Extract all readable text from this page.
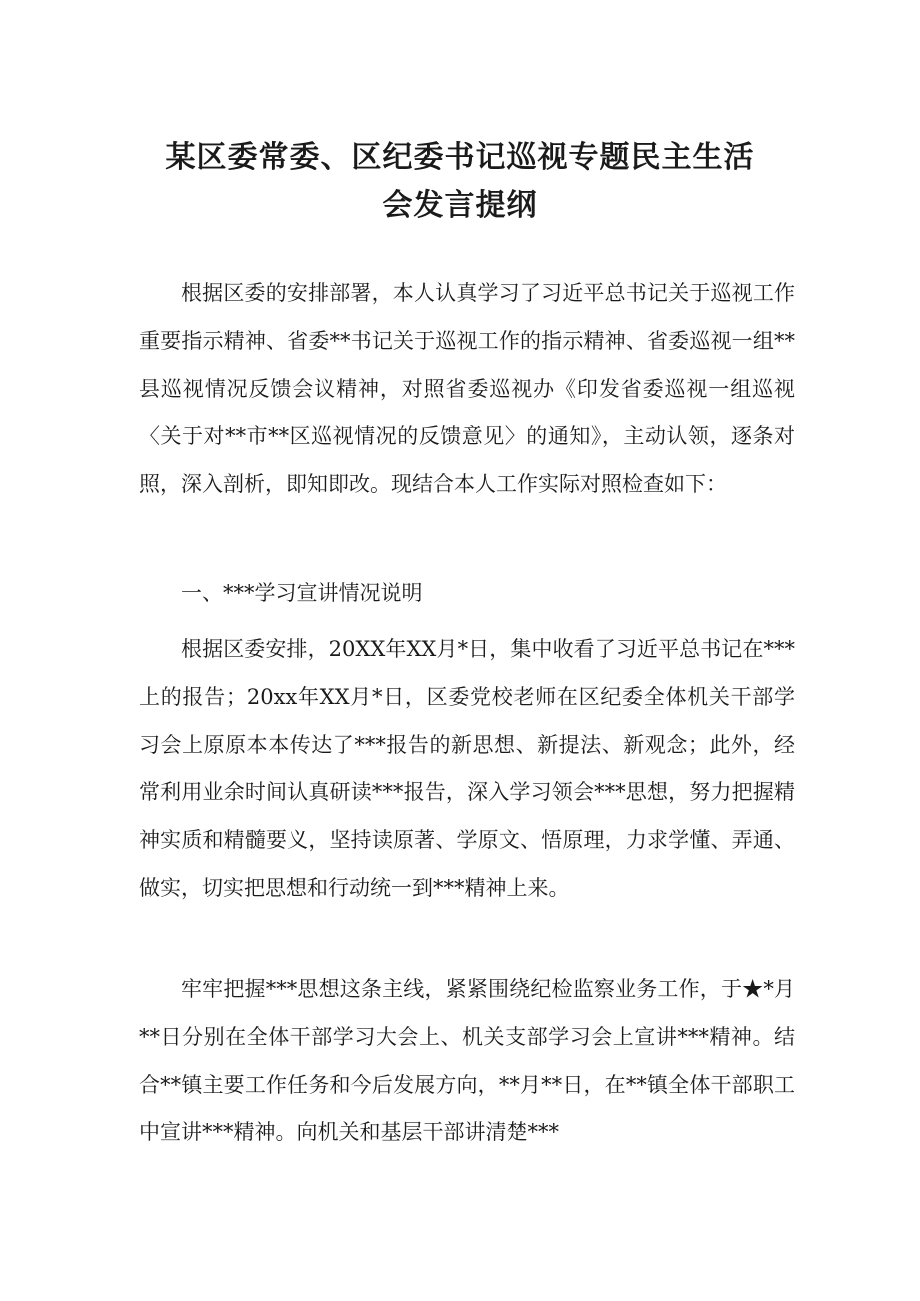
某区委常委、区纪委书记巡视专题民主生活
会发言提纲

根据区委的安排部署，本人认真学习了习近平总书记关于巡视工作重要指示精神、省委**书记关于巡视工作的指示精神、省委巡视一组**县巡视情况反馈会议精神，对照省委巡视办《印发省委巡视一组巡视〈关于对**市**区巡视情况的反馈意见〉的通知》，主动认领，逐条对照，深入剖析，即知即改。现结合本人工作实际对照检查如下：

一、***学习宣讲情况说明

根据区委安排，20XX年XX月*日，集中收看了习近平总书记在***上的报告；20xx年XX月*日，区委党校老师在区纪委全体机关干部学习会上原原本本传达了***报告的新思想、新提法、新观念；此外，经常利用业余时间认真研读***报告，深入学习领会***思想，努力把握精神实质和精髓要义，坚持读原著、学原文、悟原理，力求学懂、弄通、做实，切实把思想和行动统一到***精神上来。

牢牢把握***思想这条主线，紧紧围绕纪检监察业务工作，于★*月**日分别在全体干部学习大会上、机关支部学习会上宣讲***精神。结合**镇主要工作任务和今后发展方向，**月**日，在**镇全体干部职工中宣讲***精神。向机关和基层干部讲清楚***
